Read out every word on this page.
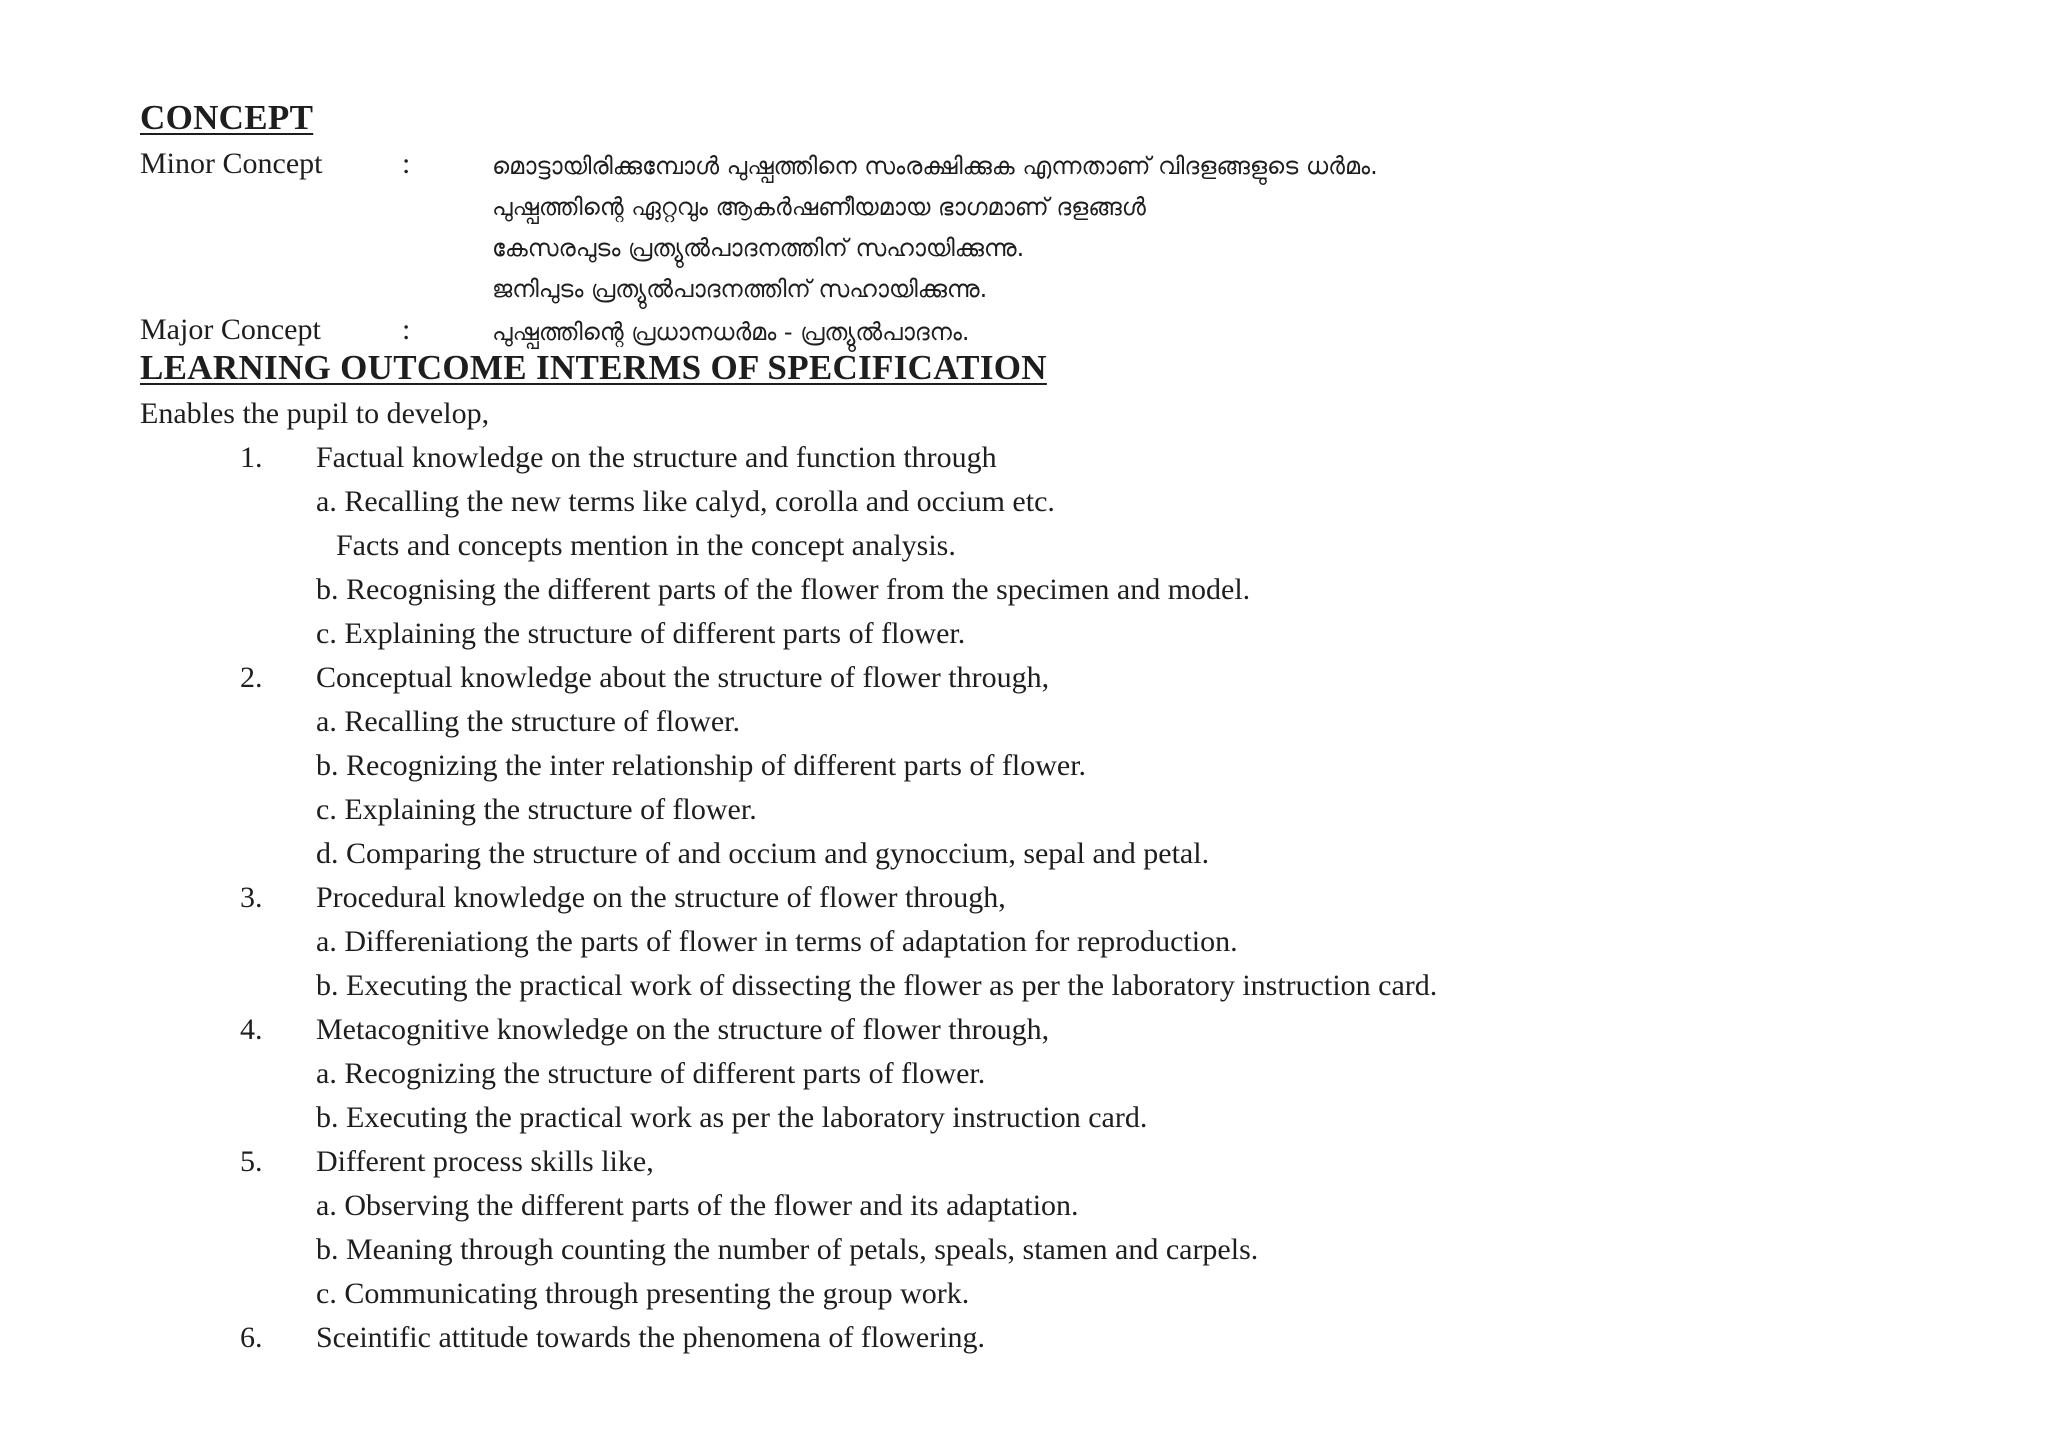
CONCEPT
Minor Concept	:	മൊട്ടായിരിക്കുമ്പോൾ പുഷ്പത്തിനെ സംരക്ഷിക്കുക എന്നതാണ് വിദളങ്ങളുടെ ധർമം.
പുഷ്പത്തിന്റെ ഏറ്റവും ആകർഷണീയമായ ഭാഗമാണ് ദളങ്ങൾ
കേസരപുടം പ്രത്യുൽപാദനത്തിന് സഹായിക്കുന്നു.
ജനിപുടം പ്രത്യുൽപാദനത്തിന് സഹായിക്കുന്നു.
Major Concept	:	പുഷ്പത്തിന്റെ പ്രധാനധർമം - പ്രത്യുൽപാദനം.
LEARNING OUTCOME INTERMS OF SPECIFICATION
Enables the pupil to develop,
1. Factual knowledge on the structure and function through
a. Recalling the new terms like calyd, corolla and occium etc.
Facts and concepts mention in the concept analysis.
b. Recognising the different parts of the flower from the specimen and model.
c. Explaining the structure of different parts of flower.
2. Conceptual knowledge about the structure of flower through,
a. Recalling the structure of flower.
b. Recognizing the inter relationship of different parts of flower.
c. Explaining the structure of flower.
d. Comparing the structure of and occium and gynoccium, sepal and petal.
3. Procedural knowledge on the structure of flower through,
a. Differeniationg the parts of flower in terms of adaptation for reproduction.
b. Executing the practical work of dissecting the flower as per the laboratory instruction card.
4. Metacognitive knowledge on the structure of flower through,
a. Recognizing the structure of different parts of flower.
b. Executing the practical work as per the laboratory instruction card.
5. Different process skills like,
a. Observing the different parts of the flower and its adaptation.
b. Meaning through counting the number of petals, speals, stamen and carpels.
c. Communicating through presenting the group work.
6. Sceintific attitude towards the phenomena of flowering.
